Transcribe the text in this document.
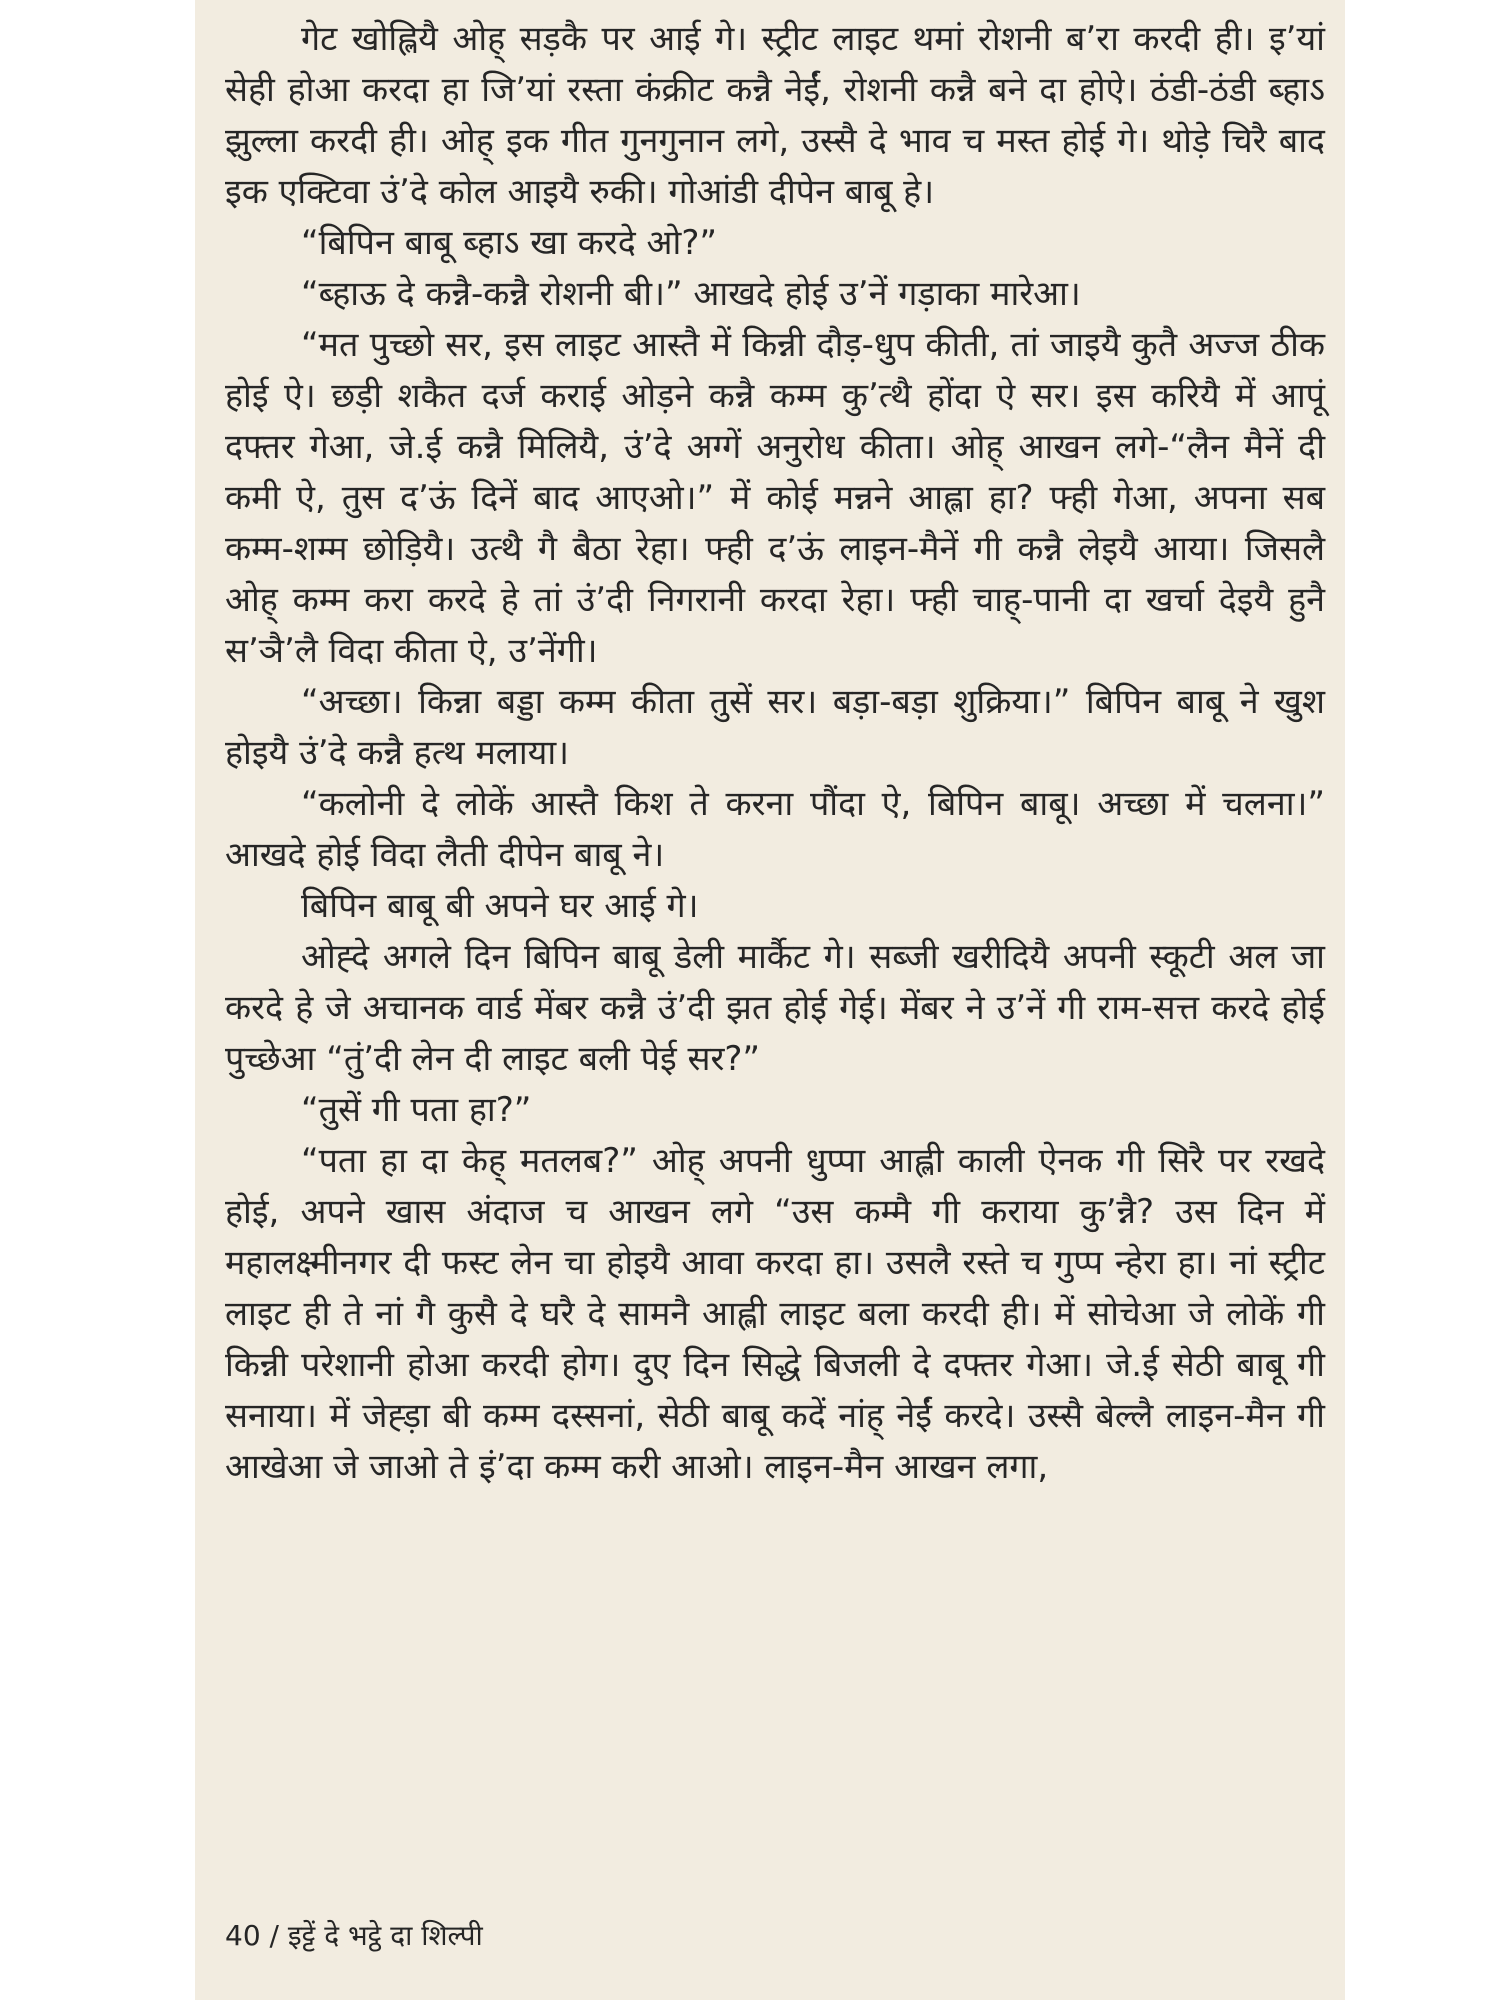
गेट खोह्लियै ओह् सड़कै पर आई गे। स्ट्रीट लाइट थमां रोशनी ब’रा करदी ही। इ’यां सेही होआ करदा हा जि’यां रस्ता कंक्रीट कन्नै नेईं, रोशनी कन्नै बने दा होऐ। ठंडी-ठंडी ब्हाऽ झुल्ला करदी ही। ओह् इक गीत गुनगुनान लगे, उस्सै दे भाव च मस्त होई गे। थोड़े चिरै बाद इक एक्टिवा उं’दे कोल आइयै रुकी। गोआंडी दीपेन बाबू हे।

“बिपिन बाबू ब्हाऽ खा करदे ओ?”

“ब्हाऊ दे कन्नै-कन्नै रोशनी बी।” आखदे होई उ’नें गड़ाका मारेआ।

“मत पुच्छो सर, इस लाइट आस्तै में किन्नी दौड़-धुप कीती, तां जाइयै कुतै अज्ज ठीक होई ऐ। छड़ी शकैत दर्ज कराई ओड़ने कन्नै कम्म कु’त्थै होंदा ऐ सर। इस करियै में आपूं दफ्तर गेआ, जे.ई कन्नै मिलियै, उं’दे अग्गें अनुरोध कीता। ओह् आखन लगे-“लैन मैनें दी कमी ऐ, तुस द’ऊं दिनें बाद आएओ।” में कोई मन्नने आह्ला हा? फ्ही गेआ, अपना सब कम्म-शम्म छोड़ियै। उत्थै गै बैठा रेहा। फ्ही द’ऊं लाइन-मैनें गी कन्नै लेइयै आया। जिसलै ओह् कम्म करा करदे हे तां उं’दी निगरानी करदा रेहा। फ्ही चाह्-पानी दा खर्चा देइयै हुनै स’ञै’लै विदा कीता ऐ, उ’नेंगी।

“अच्छा। किन्ना बड्डा कम्म कीता तुसें सर। बड़ा-बड़ा शुक्रिया।” बिपिन बाबू ने खुश होइयै उं’दे कन्नै हत्थ मलाया।

“कलोनी दे लोकें आस्तै किश ते करना पौंदा ऐ, बिपिन बाबू। अच्छा में चलना।” आखदे होई विदा लैती दीपेन बाबू ने।

बिपिन बाबू बी अपने घर आई गे।

ओह्दे अगले दिन बिपिन बाबू डेली मार्कैट गे। सब्जी खरीदियै अपनी स्कूटी अल जा करदे हे जे अचानक वार्ड मेंबर कन्नै उं’दी झत होई गेई। मेंबर ने उ’नें गी राम-सत्त करदे होई पुच्छेआ “तुं’दी लेन दी लाइट बली पेई सर?”

“तुसें गी पता हा?”

“पता हा दा केह् मतलब?” ओह् अपनी धुप्पा आह्ली काली ऐनक गी सिरै पर रखदे होई, अपने खास अंदाज च आखन लगे “उस कम्मै गी कराया कु’न्नै? उस दिन में महालक्ष्मीनगर दी फस्ट लेन चा होइयै आवा करदा हा। उसलै रस्ते च गुप्प न्हेरा हा। नां स्ट्रीट लाइट ही ते नां गै कुसै दे घरै दे सामनै आह्ली लाइट बला करदी ही। में सोचेआ जे लोकें गी किन्नी परेशानी होआ करदी होग। दुए दिन सिद्धे बिजली दे दफ्तर गेआ। जे.ई सेठी बाबू गी सनाया। में जेह्ड़ा बी कम्म दस्सनां, सेठी बाबू कदें नांह् नेईं करदे। उस्सै बेल्लै लाइन-मैन गी आखेआ जे जाओ ते इं’दा कम्म करी आओ। लाइन-मैन आखन लगा,

40 / इट्टें दे भट्ठे दा शिल्पी
